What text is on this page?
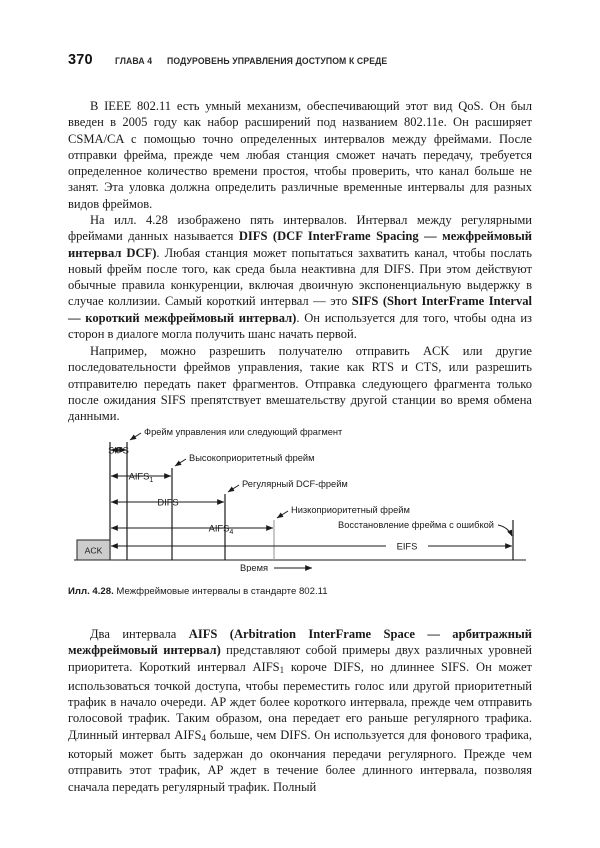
370 ГЛАВА 4 ПОДУРОВЕНЬ УПРАВЛЕНИЯ ДОСТУПОМ К СРЕДЕ

В IEEE 802.11 есть умный механизм, обеспечивающий этот вид QoS. Он был введен в 2005 году как набор расширений под названием 802.11e. Он расширяет CSMA/CA с помощью точно определенных интервалов между фреймами. После отправки фрейма, прежде чем любая станция сможет начать передачу, требуется определенное количество времени простоя, чтобы проверить, что канал больше не занят. Эта уловка должна определить различные временные интервалы для разных видов фреймов.

На илл. 4.28 изображено пять интервалов. Интервал между регулярными фреймами данных называется DIFS (DCF InterFrame Spacing — межфреймовый интервал DCF). Любая станция может попытаться захватить канал, чтобы послать новый фрейм после того, как среда была неактивна для DIFS. При этом действуют обычные правила конкуренции, включая двоичную экспоненциальную выдержку в случае коллизии. Самый короткий интервал — это SIFS (Short InterFrame Interval — короткий межфреймовый интервал). Он используется для того, чтобы одна из сторон в диалоге могла получить шанс начать первой.

Например, можно разрешить получателю отправить ACK или другие последовательности фреймов управления, такие как RTS и CTS, или разрешить отправителю передать пакет фрагментов. Отправка следующего фрагмента только после ожидания SIFS препятствует вмешательству другой станции во время обмена данными.

SIFS
$AIFS_1$
DIFS
$AIFS_4$
EIFS
ACK
Фрейм управления или следующий фрагмент
Высокоприоритетный фрейм
Регулярный DCF-фрейм
Низкоприоритетный фрейм
Восстановление фрейма с ошибкой
Время
Илл. 4.28. Межфреймовые интервалы в стандарте 802.11

Два интервала AIFS (Arbitration InterFrame Space — арбитражный межфреймовый интервал) представляют собой примеры двух различных уровней приоритета. Короткий интервал $AIFS_1$ короче DIFS, но длиннее SIFS. Он может использоваться точкой доступа, чтобы переместить голос или другой приоритетный трафик в начало очереди. AP ждет более короткого интервала, прежде чем отправить голосовой трафик. Таким образом, она передает его раньше регулярного трафика. Длинный интервал $AIFS_4$ больше, чем DIFS. Он используется для фонового трафика, который может быть задержан до окончания передачи регулярного. Прежде чем отправить этот трафик, AP ждет в течение более длинного интервала, позволяя сначала передать регулярный трафик. Полный
